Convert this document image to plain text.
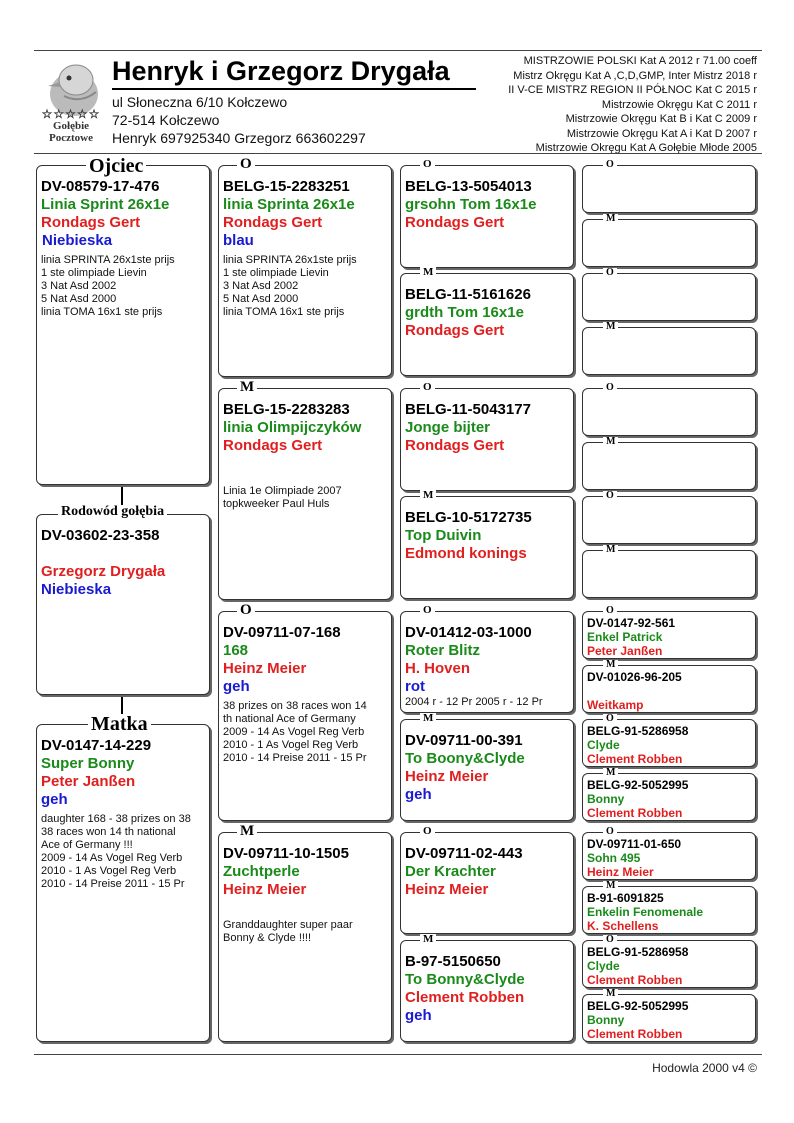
☆☆☆☆☆
Gołębie
Pocztowe
Henryk i Grzegorz Drygała
ul Słoneczna 6/10 Kołczewo
72-514 Kołczewo
Henryk 697925340 Grzegorz 663602297
MISTRZOWIE POLSKI Kat A 2012 r 71.00 coeff
Mistrz Okręgu Kat A ,C,D,GMP, Inter Mistrz 2018 r
II V-CE MISTRZ REGION II PÓŁNOC Kat C 2015 r
Mistrzowie Okręgu Kat C 2011 r
Mistrzowie Okręgu Kat B i Kat C 2009 r
Mistrzowie Okręgu Kat A i Kat D 2007 r
Mistrzowie Okręgu Kat A Gołębie Młode 2005
DV-08579-17-476
Linia Sprint 26x1e
Rondags Gert
Niebieska
linia SPRINTA 26x1ste prijs
1 ste olimpiade Lievin
3 Nat Asd 2002
5 Nat Asd 2000
linia TOMA 16x1 ste prijs
Ojciec
DV-03602-23-358
Grzegorz Drygała
Niebieska
Rodowód gołębia
DV-0147-14-229
Super Bonny
Peter Janßen
geh
daughter 168 - 38 prizes on 38
38 races won 14 th national
Ace of Germany !!!
2009 - 14 As Vogel Reg Verb
2010 - 1 As Vogel Reg Verb
2010 - 14 Preise 2011 - 15 Pr
Matka
BELG-15-2283251
linia Sprinta 26x1e
Rondags Gert
blau
linia SPRINTA 26x1ste prijs
1 ste olimpiade Lievin
3 Nat Asd 2002
5 Nat Asd 2000
linia TOMA 16x1 ste prijs
O
BELG-15-2283283
linia Olimpijczyków
Rondags Gert
Linia 1e Olimpiade 2007
topkweeker Paul Huls
M
DV-09711-07-168
168
Heinz Meier
geh
38 prizes on 38 races won 14
th national Ace of Germany
2009 - 14 As Vogel Reg Verb
2010 - 1 As Vogel Reg Verb
2010 - 14 Preise 2011 - 15 Pr
O
DV-09711-10-1505
Zuchtperle
Heinz Meier
Granddaughter super paar
Bonny & Clyde !!!!
M
BELG-13-5054013
grsohn Tom 16x1e
Rondags Gert
O
BELG-11-5161626
grdth Tom 16x1e
Rondags Gert
M
BELG-11-5043177
Jonge bijter
Rondags Gert
O
BELG-10-5172735
Top Duivin
Edmond konings
M
DV-01412-03-1000
Roter Blitz
H. Hoven
rot
2004 r - 12 Pr 2005 r - 12 Pr
O
DV-09711-00-391
To Boony&Clyde
Heinz Meier
geh
M
DV-09711-02-443
Der Krachter
Heinz Meier
O
B-97-5150650
To Bonny&Clyde
Clement Robben
geh
M
O
M
O
M
O
M
O
M
DV-0147-92-561
Enkel Patrick
Peter Janßen
O
DV-01026-96-205
Weitkamp
M
BELG-91-5286958
Clyde
Clement Robben
O
BELG-92-5052995
Bonny
Clement Robben
M
DV-09711-01-650
Sohn 495
Heinz Meier
O
B-91-6091825
Enkelin Fenomenale
K. Schellens
M
BELG-91-5286958
Clyde
Clement Robben
O
BELG-92-5052995
Bonny
Clement Robben
M
Hodowla 2000 v4 ©
